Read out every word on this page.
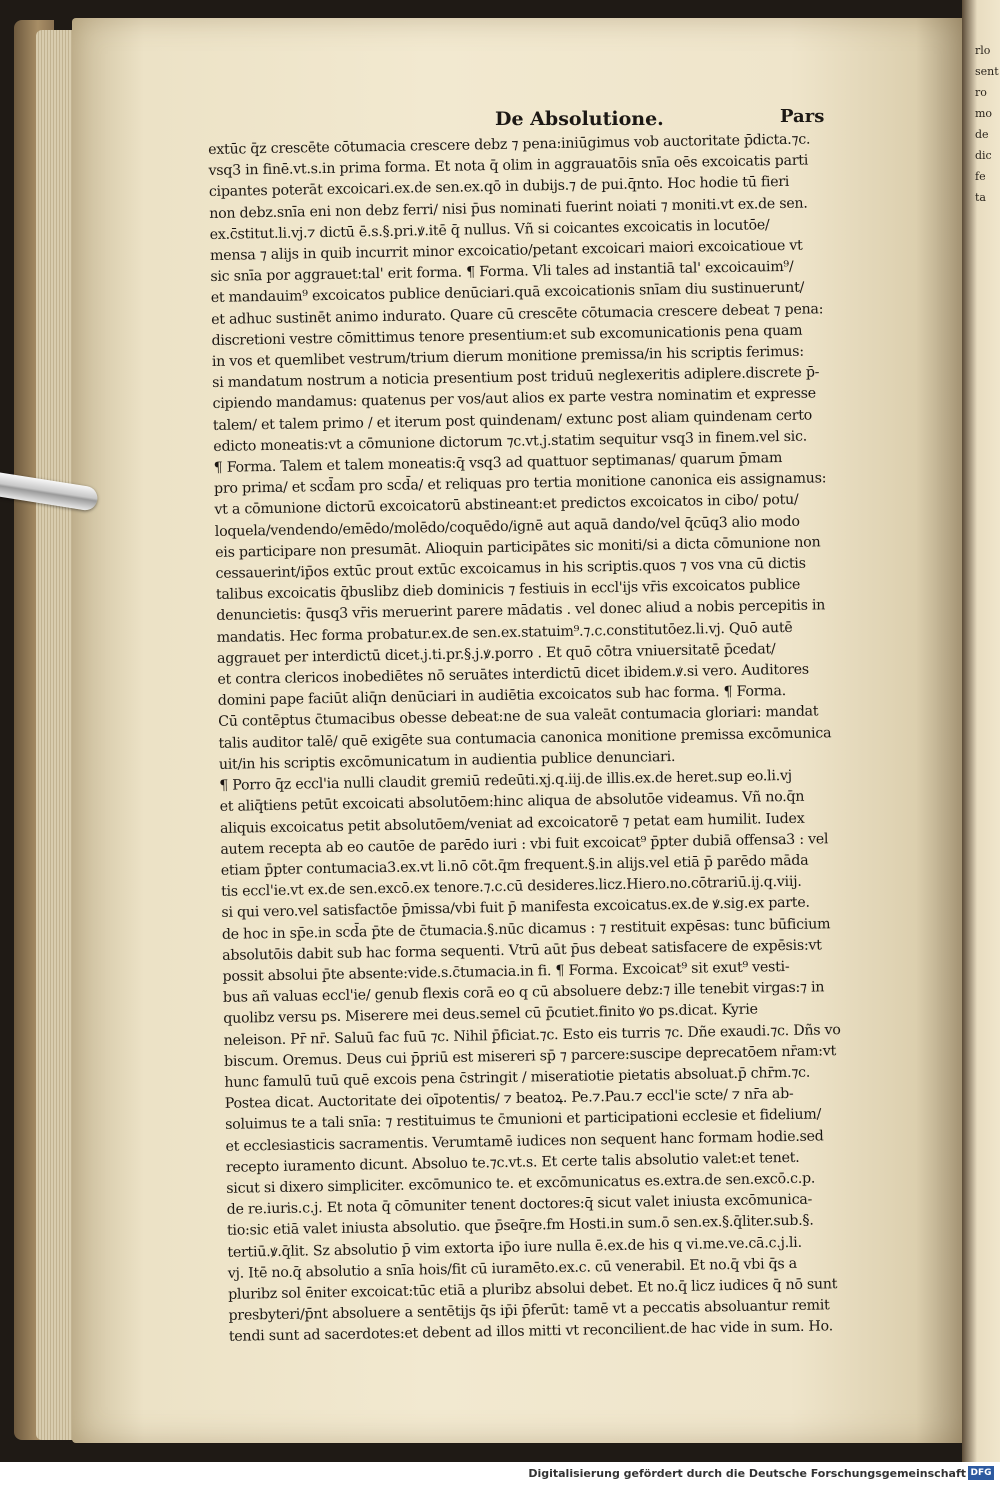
rlo
sent
ro
mo
de
dic
fe
ta
De Absolutione.	Pars
extūc q̄z crescēte cōtumacia crescere debz ⁊ pena:iniūgimus vob auctoritate p̄dicta.⁊c.
vsq3 in finē.vt.s.in prima forma. Et nota q̄ olim in aggrauatōis snīa oēs excoicatis parti
cipantes poterāt excoicari.ex.de sen.ex.qō in dubijs.⁊ de pui.q̄nto. Hoc hodie tū fieri
non debz.snīa eni non debz ferri/ nisi p̄us nominati fuerint noiati ⁊ moniti.vt ex.de sen.
ex.c̄stitut.li.vj.⁊ dictū ē.s.§.pri.ꝟ.itē q̄ nullus. Vñ si coicantes excoicatis in locutōe/
mensa ⁊ alijs in quib incurrit minor excoicatio/petant excoicari maiori excoicatioue vt
sic snīa por aggrauet:tal' erit forma. ¶ Forma. Vli tales ad instantiā tal' excoicauim⁹/
et mandauim⁹ excoicatos publice denūciari.quā excoicationis snīam diu sustinuerunt/
et adhuc sustinēt animo indurato. Quare cū crescēte cōtumacia crescere debeat ⁊ pena:
discretioni vestre cōmittimus tenore presentium:et sub excomunicationis pena quam
in vos et quemlibet vestrum/trium dierum monitione premissa/in his scriptis ferimus:
si mandatum nostrum a noticia presentium post triduū neglexeritis adiplere.discrete p̄-
cipiendo mandamus: quatenus per vos/aut alios ex parte vestra nominatim et expresse
talem/ et talem primo / et iterum post quindenam/ extunc post aliam quindenam certo
edicto moneatis:vt a cōmunione dictorum ⁊c.vt.j.statim sequitur vsq3 in finem.vel sic.
¶ Forma. Talem et talem moneatis:q̄ vsq3 ad quattuor septimanas/ quarum p̄mam
pro prima/ et scd̄am pro scd̄a/ et reliquas pro tertia monitione canonica eis assignamus:
vt a cōmunione dictorū excoicatorū abstineant:et predictos excoicatos in cibo/ potu/
loquela/vendendo/emēdo/molēdo/coquēdo/ignē aut aquā dando/vel q̄cūq3 alio modo
eis participare non presumāt. Alioquin participātes sic moniti/si a dicta cōmunione non
cessauerint/ip̄os extūc prout extūc excoicamus in his scriptis.quos ⁊ vos vna cū dictis
talibus excoicatis q̄buslibz dieb dominicis ⁊ festiuis in eccl'ijs vr̄is excoicatos publice
denuncietis: q̄usq3 vr̄is meruerint parere mādatis . vel donec aliud a nobis percepitis in
mandatis. Hec forma probatur.ex.de sen.ex.statuim⁹.⁊.c.constitutōez.li.vj. Quō autē
aggrauet per interdictū dicet.j.ti.pr.§.j.ꝟ.porro . Et quō cōtra vniuersitatē p̄cedat/
et contra clericos inobediētes nō seruātes interdictū dicet ibidem.ꝟ.si vero. Auditores
domini pape faciūt aliq̄n denūciari in audiētia excoicatos sub hac forma. ¶ Forma.
Cū contēptus c̄tumacibus obesse debeat:ne de sua valeāt contumacia gloriari: mandat
talis auditor talē/ quē exigēte sua contumacia canonica monitione premissa excōmunica
uit/in his scriptis excōmunicatum in audientia publice denunciari.
¶ Porro q̄z eccl'ia nulli claudit gremiū redeūti.xj.q.iij.de illis.ex.de heret.sup eo.li.vj
et aliq̄tiens petūt excoicati absolutōem:hinc aliqua de absolutōe videamus. Vñ no.q̄n
aliquis excoicatus petit absolutōem/veniat ad excoicatorē ⁊ petat eam humilit. Iudex
autem recepta ab eo cautōe de parēdo iuri : vbi fuit excoicat⁹ p̄pter dubiā offensa3 : vel
etiam p̄pter contumacia3.ex.vt li.nō cōt.q̄m frequent.§.in alijs.vel etiā p̄ parēdo māda
tis eccl'ie.vt ex.de sen.excō.ex tenore.⁊.c.cū desideres.licz.Hiero.no.cōtrariū.ij.q.viij.
si qui vero.vel satisfactōe p̄missa/vbi fuit p̄ manifesta excoicatus.ex.de ꝟ.sig.ex parte.
de hoc in sp̄e.in scd̄a p̄te de c̄tumacia.§.nūc dicamus : ⁊ restituit expēsas: tunc būficium
absolutōis dabit sub hac forma sequenti. Vtrū aūt p̄us debeat satisfacere de expēsis:vt
possit absolui p̄te absente:vide.s.c̄tumacia.in fi. ¶ Forma. Excoicat⁹ sit exut⁹ vesti-
bus añ valuas eccl'ie/ genub flexis corā eo q cū absoluere debz:⁊ ille tenebit virgas:⁊ in
quolibz versu ps. Miserere mei deus.semel cū p̄cutiet.finito ꝟo ps.dicat. Kyrie
neleison. Pr̄ nr̄. Saluū fac fuū ⁊c. Nihil p̄ficiat.⁊c. Esto eis turris ⁊c. Dñe exaudi.⁊c. Dñs vo
biscum. Oremus. Deus cui p̄priū est misereri sp̄ ⁊ parcere:suscipe deprecatōem nr̄am:vt
hunc famulū tuū quē excois pena c̄stringit / miseratiotie pietatis absoluat.p̄ chr̄m.⁊c.
Postea dicat. Auctoritate dei oīpotentis/ ⁊ beatoꝝ. Pe.⁊.Pau.⁊ eccl'ie scte/ ⁊ nr̄a ab-
soluimus te a tali snīa: ⁊ restituimus te c̄munioni et participationi ecclesie et fidelium/
et ecclesiasticis sacramentis. Verumtamē iudices non sequent hanc formam hodie.sed
recepto iuramento dicunt. Absoluo te.⁊c.vt.s. Et certe talis absolutio valet:et tenet.
sicut si dixero simpliciter. excōmunico te. et excōmunicatus es.extra.de sen.excō.c.p.
de re.iuris.c.j. Et nota q̄ cōmuniter tenent doctores:q̄ sicut valet iniusta excōmunica-
tio:sic etiā valet iniusta absolutio. que p̄seq̄re.fm Hosti.in sum.ō sen.ex.§.q̄liter.sub.§.
tertiū.ꝟ.q̄lit. Sz absolutio p̄ vim extorta ip̄o iure nulla ē.ex.de his q vi.me.ve.cā.c.j.li.
vj. Itē no.q̄ absolutio a snīa hois/fit cū iuramēto.ex.c. cū venerabil. Et no.q̄ vbi q̄s a
pluribz sol ēniter excoicat:tūc etiā a pluribz absolui debet. Et no.q̄ licz iudices q̄ nō sunt
presbyteri/p̄nt absoluere a sentētijs q̄s ip̄i p̄ferūt: tamē vt a peccatis absoluantur remit
tendi sunt ad sacerdotes:et debent ad illos mitti vt reconcilient.de hac vide in sum. Ho.
Digitalisierung gefördert durch die Deutsche Forschungsgemeinschaft DFG
